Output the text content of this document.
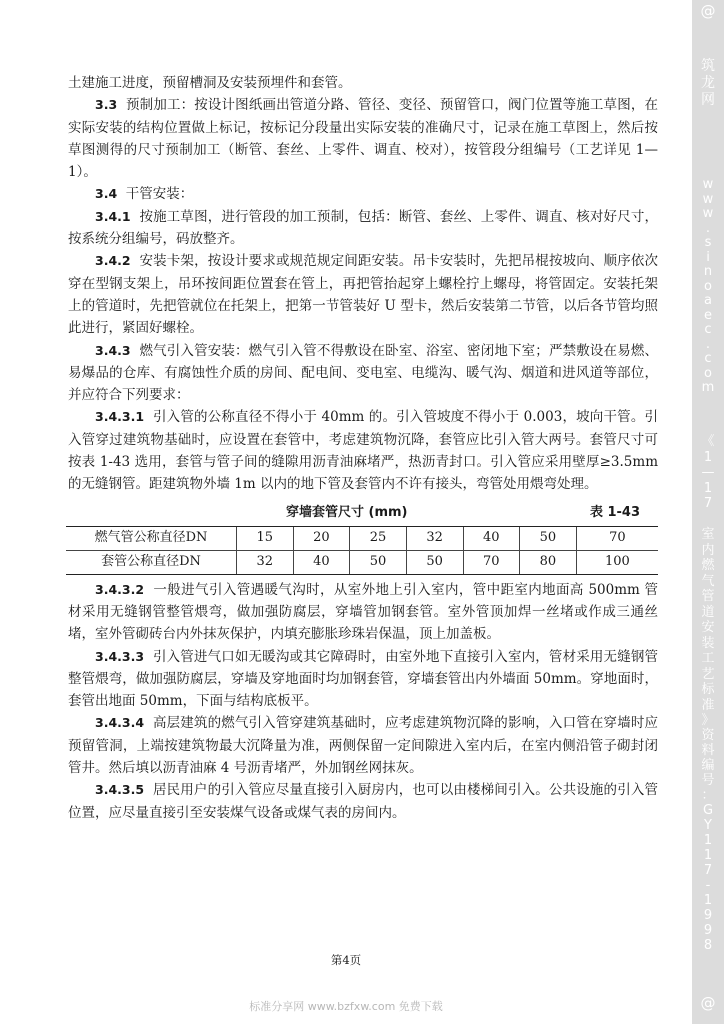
土建施工进度，预留槽洞及安装预埋件和套管。

3.3 预制加工：按设计图纸画出管道分路、管径、变径、预留管口，阀门位置等施工草图，在实际安装的结构位置做上标记，按标记分段量出实际安装的准确尺寸，记录在施工草图上，然后按草图测得的尺寸预制加工（断管、套丝、上零件、调直、校对），按管段分组编号（工艺详见 1—1）。

3.4 干管安装：

3.4.1 按施工草图，进行管段的加工预制，包括：断管、套丝、上零件、调直、核对好尺寸，按系统分组编号，码放整齐。

3.4.2 安装卡架，按设计要求或规范规定间距安装。吊卡安装时，先把吊棍按坡向、顺序依次穿在型钢支架上，吊环按间距位置套在管上，再把管抬起穿上螺栓拧上螺母，将管固定。安装托架上的管道时，先把管就位在托架上，把第一节管装好 U 型卡，然后安装第二节管，以后各节管均照此进行，紧固好螺栓。

3.4.3 燃气引入管安装：燃气引入管不得敷设在卧室、浴室、密闭地下室；严禁敷设在易燃、易爆品的仓库、有腐蚀性介质的房间、配电间、变电室、电缆沟、暖气沟、烟道和进风道等部位，并应符合下列要求：

3.4.3.1 引入管的公称直径不得小于 40mm 的。引入管坡度不得小于 0.003，坡向干管。引入管穿过建筑物基础时，应设置在套管中，考虑建筑物沉降，套管应比引入管大两号。套管尺寸可按表 1-43 选用，套管与管子间的缝隙用沥青油麻堵严，热沥青封口。引入管应采用壁厚≥3.5mm 的无缝钢管。距建筑物外墙 1m 以内的地下管及套管内不许有接头，弯管处用煨弯处理。

穿墙套管尺寸 (mm)	表 1-43
燃气管公称直径DN	15	20	25	32	40	50	70
套管公称直径DN	32	40	50	50	70	80	100

3.4.3.2 一般进气引入管遇暖气沟时，从室外地上引入室内，管中距室内地面高 500mm 管材采用无缝钢管整管煨弯，做加强防腐层，穿墙管加钢套管。室外管顶加焊一丝堵或作成三通丝堵，室外管砌砖台内外抹灰保护，内填充膨胀珍珠岩保温，顶上加盖板。

3.4.3.3 引入管进气口如无暖沟或其它障碍时，由室外地下直接引入室内，管材采用无缝钢管整管煨弯，做加强防腐层，穿墙及穿地面时均加钢套管，穿墙套管出内外墙面 50mm。穿地面时，套管出地面 50mm，下面与结构底板平。

3.4.3.4 高层建筑的燃气引入管穿建筑基础时，应考虑建筑物沉降的影响，入口管在穿墙时应预留管洞，上端按建筑物最大沉降量为准，两侧保留一定间隙进入室内后，在室内侧沿管子砌封闭管井。然后填以沥青油麻 4 号沥青堵严，外加钢丝网抹灰。

3.4.3.5 居民用户的引入管应尽量直接引入厨房内，也可以由楼梯间引入。公共设施的引入管位置，应尽量直接引至安装煤气设备或煤气表的房间内。

第4页
标准分享网 www.bzfxw.com 免费下载
@
筑
龙
网
w
w
w
.
s
i
n
o
a
e
c
.
c
o
m
《
1
—
1
7

室
内
燃
气
管
道
安
装
工
艺
标
准
》
资
料
编
号
：
G
Y
1
1
7
-
1
9
9
8
@
